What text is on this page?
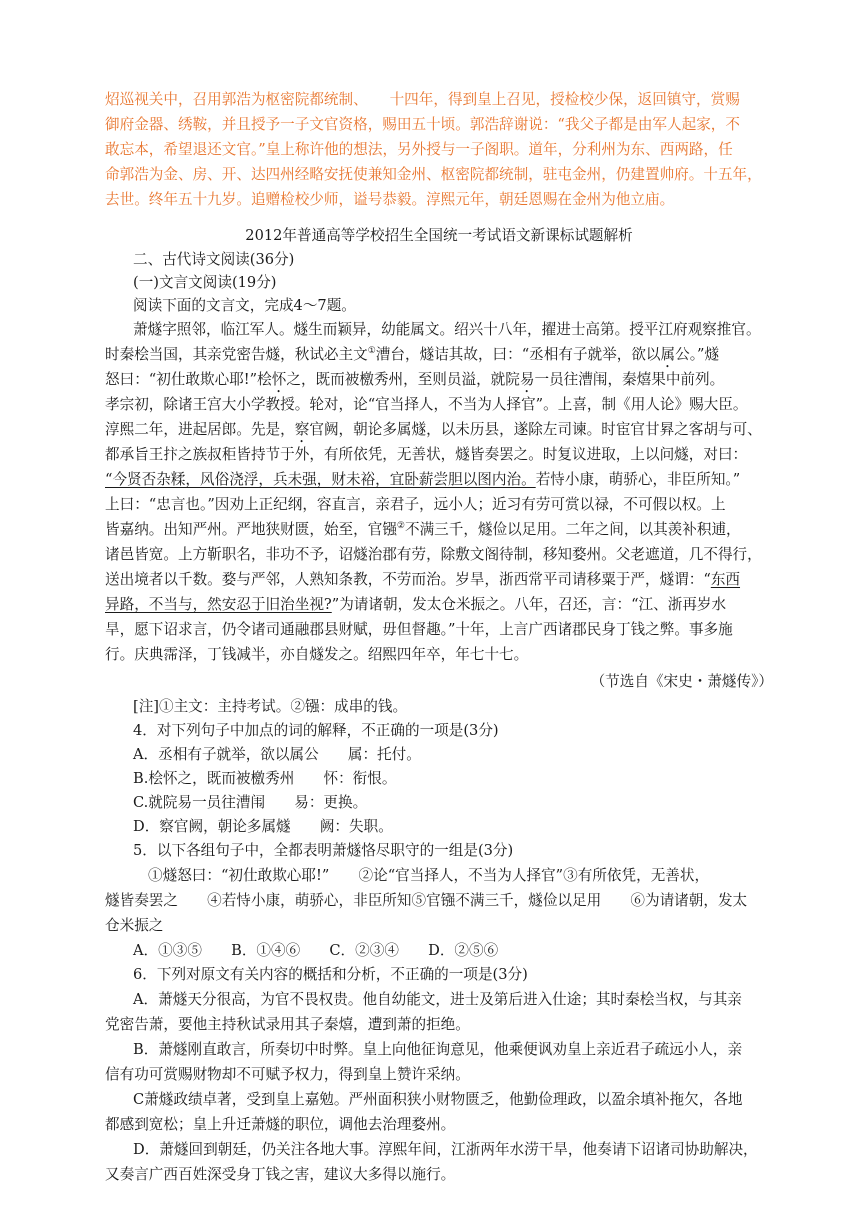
炤巡视关中，召用郭浩为枢密院都统制、　　十四年，得到皇上召见，授检校少保，返回镇守，赏赐
御府金器、绣鞍，并且授予一子文官资格，赐田五十顷。郭浩辞谢说：“我父子都是由军人起家，不
敢忘本，希望退还文官。”皇上称许他的想法，另外授与一子阁职。道年，分利州为东、西两路，任
命郭浩为金、房、开、达四州经略安抚使兼知金州、枢密院都统制，驻屯金州，仍建置帅府。十五年，
去世。终年五十九岁。追赠检校少师，谥号恭毅。淳熙元年，朝廷恩赐在金州为他立庙。
2012年普通高等学校招生全国统一考试语文新课标试题解析
二、古代诗文阅读(36分)
(一)文言文阅读(19分)
阅读下面的文言文，完成4～7题。
萧燧字照邻，临江军人。燧生而颖异，幼能属文。绍兴十八年，擢进士高第。授平江府观察推官。
时秦桧当国，其亲党密告燧，秋试必主文①漕台，燧诘其故，曰：“丞相有子就举，欲以属公。”燧
怒曰：“初仕敢欺心耶!”桧怀之，既而被檄秀州，至则员溢，就院易一员往漕闱，秦熺果中前列。
孝宗初，除诸王宫大小学教授。轮对，论“官当择人，不当为人择官”。上喜，制《用人论》赐大臣。
淳熙二年，进起居郎。先是，察官阙，朝论多属燧，以未历县，遂除左司谏。时宦官甘昪之客胡与可、
都承旨王抃之族叔秬皆持节于外，有所依凭，无善状，燧皆奏罢之。时复议进取，上以问燧，对曰：
“今贤否杂糅，风俗浇浮，兵未强，财未裕，宜卧薪尝胆以图内治。若恃小康，萌骄心，非臣所知。”
上曰：“忠言也。”因劝上正纪纲，容直言，亲君子，远小人；近习有劳可赏以禄，不可假以权。上
皆嘉纳。出知严州。严地狭财匮，始至，官镪②不满三千，燧俭以足用。二年之间，以其羡补积逋，
诸邑皆宽。上方靳职名，非功不予，诏燧治郡有劳，除敷文阁待制，移知婺州。父老遮道，几不得行，
送出境者以千数。婺与严邻，人熟知条教，不劳而治。岁旱，浙西常平司请移粟于严，燧谓：“东西
异路，不当与，然安忍于旧治坐视?”为请诸朝，发太仓米振之。八年，召还，言：“江、浙再岁水
旱，愿下诏求言，仍令诸司通融郡县财赋，毋但督趣。”十年，上言广西诸郡民身丁钱之弊。事多施
行。庆典霈泽，丁钱减半，亦自燧发之。绍熙四年卒，年七十七。
（节选自《宋史・萧燧传》）
[注]①主文：主持考试。②镪：成串的钱。
4．对下列句子中加点的词的解释，不正确的一项是(3分)
A．丞相有子就举，欲以属公　　属：托付。
B.桧怀之，既而被檄秀州　　怀：衔恨。
C.就院易一员往漕闱　　易：更换。
D．察官阙，朝论多属燧　　阙：失职。
5．以下各组句子中，全都表明萧燧恪尽职守的一组是(3分)
①燧怒曰：“初仕敢欺心耶!”　　②论“官当择人，不当为人择官”③有所依凭，无善状，
燧皆奏罢之　　④若恃小康，萌骄心，非臣所知⑤官镪不满三千，燧俭以足用　　⑥为请诸朝，发太
仓米振之
A．①③⑤　　B．①④⑥　　C．②③④　　D．②⑤⑥
6．下列对原文有关内容的概括和分析，不正确的一项是(3分)
A．萧燧天分很高，为官不畏权贵。他自幼能文，进士及第后进入仕途；其时秦桧当权，与其亲
党密告萧，要他主持秋试录用其子秦熺，遭到萧的拒绝。
B．萧燧刚直敢言，所奏切中时弊。皇上向他征询意见，他乘便讽劝皇上亲近君子疏远小人，亲
信有功可赏赐财物却不可赋予权力，得到皇上赞许采纳。
C萧燧政绩卓著，受到皇上嘉勉。严州面积狭小财物匮乏，他勤俭理政，以盈余填补拖欠，各地
都感到宽松；皇上升迁萧燧的职位，调他去治理婺州。
D．萧燧回到朝廷，仍关注各地大事。淳熙年间，江浙两年水涝干旱，他奏请下诏诸司协助解决，
又奏言广西百姓深受身丁钱之害，建议大多得以施行。
